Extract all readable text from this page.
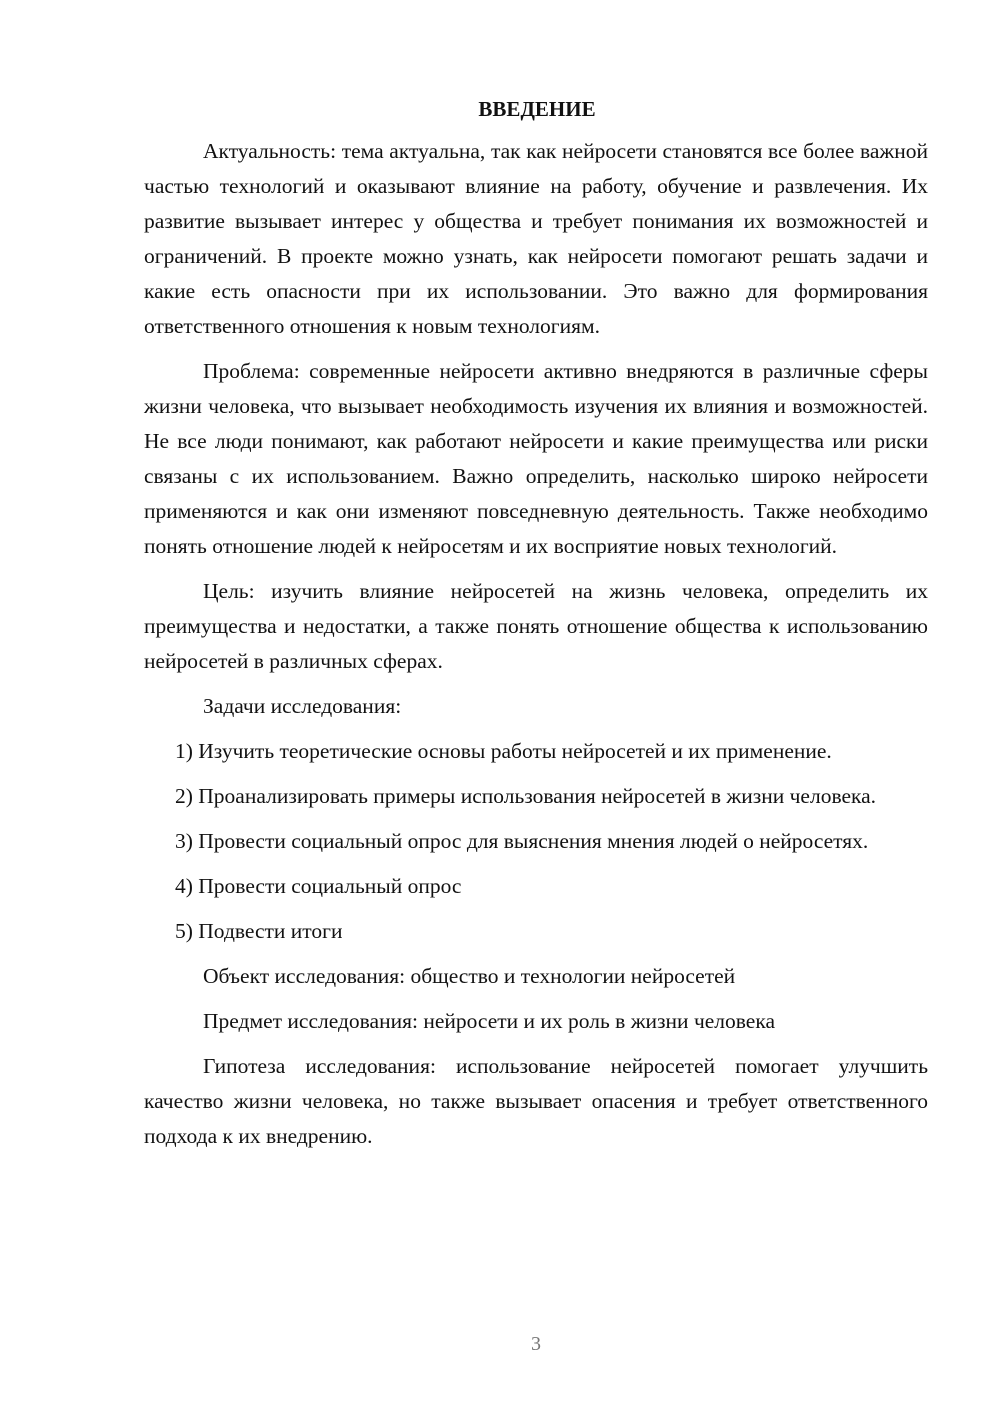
ВВЕДЕНИЕ

Актуальность: тема актуальна, так как нейросети становятся все более важной частью технологий и оказывают влияние на работу, обучение и развлечения. Их развитие вызывает интерес у общества и требует понимания их возможностей и ограничений. В проекте можно узнать, как нейросети помогают решать задачи и какие есть опасности при их использовании. Это важно для формирования ответственного отношения к новым технологиям.

Проблема: современные нейросети активно внедряются в различные сферы жизни человека, что вызывает необходимость изучения их влияния и возможностей. Не все люди понимают, как работают нейросети и какие преимущества или риски связаны с их использованием. Важно определить, насколько широко нейросети применяются и как они изменяют повседневную деятельность. Также необходимо понять отношение людей к нейросетям и их восприятие новых технологий.

Цель: изучить влияние нейросетей на жизнь человека, определить их преимущества и недостатки, а также понять отношение общества к использованию нейросетей в различных сферах.

Задачи исследования:

1) Изучить теоретические основы работы нейросетей и их применение.

2) Проанализировать примеры использования нейросетей в жизни человека.

3) Провести социальный опрос для выяснения мнения людей о нейросетях.

4) Провести социальный опрос

5) Подвести итоги

Объект исследования: общество и технологии нейросетей

Предмет исследования: нейросети и их роль в жизни человека

Гипотеза исследования: использование нейросетей помогает улучшить качество жизни человека, но также вызывает опасения и требует ответственного подхода к их внедрению.

3
